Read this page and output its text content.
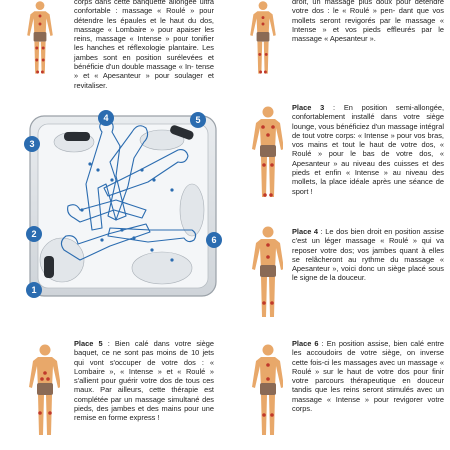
corps dans cette banquette allongée ultra confortable : massage « Roulé » pour détendre les épaules et le haut du dos, massage « Lombaire » pour apaiser les reins, massage « Intense » pour tonifier les hanches et réflexologie plantaire. Les jambes sont en position surélevées et bénéficie d'un double massage « In- tense » et « Apesanteur » pour soulager et revitaliser.
droit, un massage plus doux pour détendre votre dos : le « Roulé » pen- dant que vos mollets seront revigorés par le massage « Intense » et vos pieds effleurés par le massage « Apesanteur ».
Place 3 : En position semi-allongée, confortablement installé dans votre siège lounge, vous bénéficiez d'un massage intégral de tout votre corps: « Intense » pour vos bras, vos mains et tout le haut de votre dos, « Roulé » pour le bas de votre dos, « Apesanteur » au niveau des cuisses et des pieds et enfin « Intense » au niveau des mollets, la place idéale après une séance de sport !
Place 4 : Le dos bien droit en position assise c'est un léger massage « Roulé » qui va reposer votre dos; vos jambes quant à elles se relâcheront au rythme du massage « Apesanteur », voici donc un siège placé sous le signe de la douceur.
Place 5 : Bien calé dans votre siège baquet, ce ne sont pas moins de 10 jets qui vont s'occuper de votre dos : « Lombaire », « Intense » et « Roulé » s'allient pour guérir votre dos de tous ces maux. Par ailleurs, cette thérapie est complétée par un massage simultané des pieds, des jambes et des mains pour une remise en forme express !
Place 6 : En position assise, bien calé entre les accoudoirs de votre siège, on inverse cette fois-ci les massages avec un massage « Roulé » sur le haut de votre dos pour finir votre parcours thérapeutique en douceur tandis que les reins seront stimulés avec un massage « Intense » pour revigorer votre corps.
1
2
3
4	5
6
